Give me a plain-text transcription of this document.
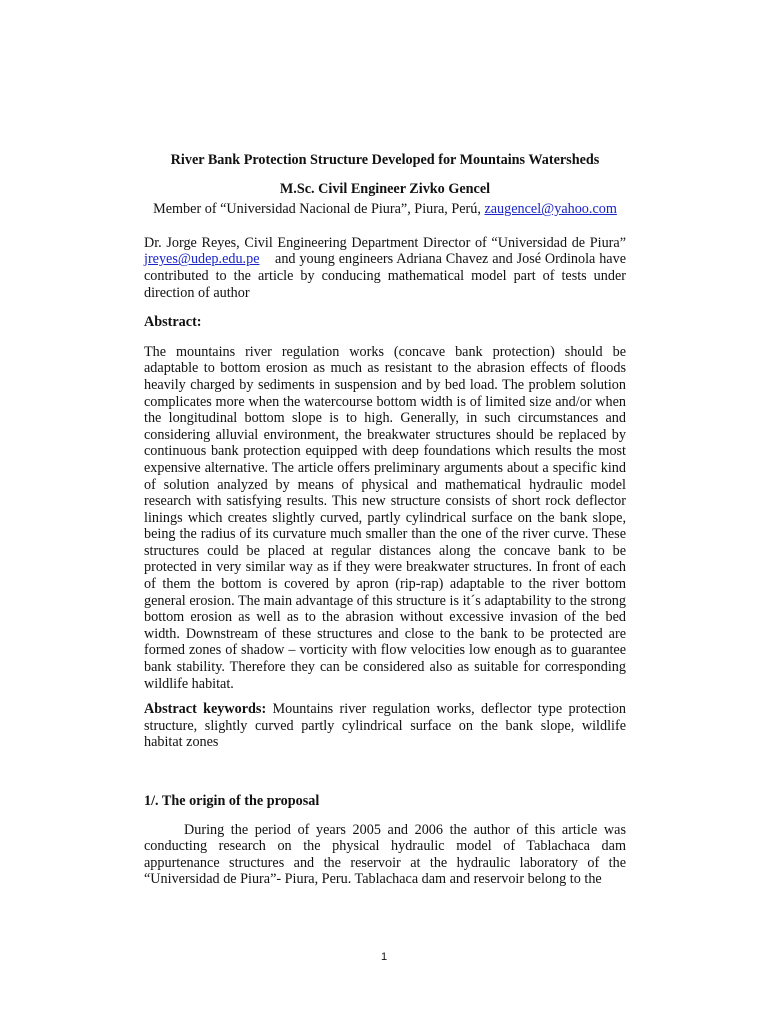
River Bank Protection Structure Developed for Mountains Watersheds

M.Sc. Civil Engineer Zivko Gencel

Member of “Universidad Nacional de Piura”, Piura, Perú, zaugencel@yahoo.com

Dr. Jorge Reyes, Civil Engineering Department Director of “Universidad de Piura” jreyes@udep.edu.pe    and young engineers Adriana Chavez and José Ordinola have contributed to the article by conducing mathematical model part of tests under direction of author

Abstract:

The mountains river regulation works (concave bank protection) should be adaptable to bottom erosion as much as resistant to the abrasion effects of floods heavily charged by sediments in suspension and by bed load. The problem solution complicates more when the watercourse bottom width is of limited size and/or when the longitudinal bottom slope is to high. Generally, in such circumstances and considering alluvial environment, the breakwater structures should be replaced by continuous bank protection equipped with deep foundations which results the most expensive alternative. The article offers preliminary arguments about a specific kind of solution analyzed by means of physical and mathematical hydraulic model research with satisfying results. This new structure consists of short rock deflector linings which creates slightly curved, partly cylindrical surface on the bank slope, being the radius of its curvature much smaller than the one of the river curve. These structures could be placed at regular distances along the concave bank to be protected in very similar way as if they were breakwater structures. In front of each of them the bottom is covered by apron (rip-rap) adaptable to the river bottom general erosion. The main advantage of this structure is it´s adaptability to the strong bottom erosion as well as to the abrasion without excessive invasion of the bed width. Downstream of these structures and close to the bank to be protected are formed zones of shadow – vorticity with flow velocities low enough as to guarantee bank stability. Therefore they can be considered also as suitable for corresponding wildlife habitat.

Abstract keywords: Mountains river regulation works, deflector type protection structure, slightly curved partly cylindrical surface on the bank slope, wildlife habitat zones

1/. The origin of the proposal

During the period of years 2005 and 2006 the author of this article was conducting research on the physical hydraulic model of Tablachaca dam appurtenance structures and the reservoir at the hydraulic laboratory of the “Universidad de Piura”- Piura, Peru. Tablachaca dam and reservoir belong to the

1
